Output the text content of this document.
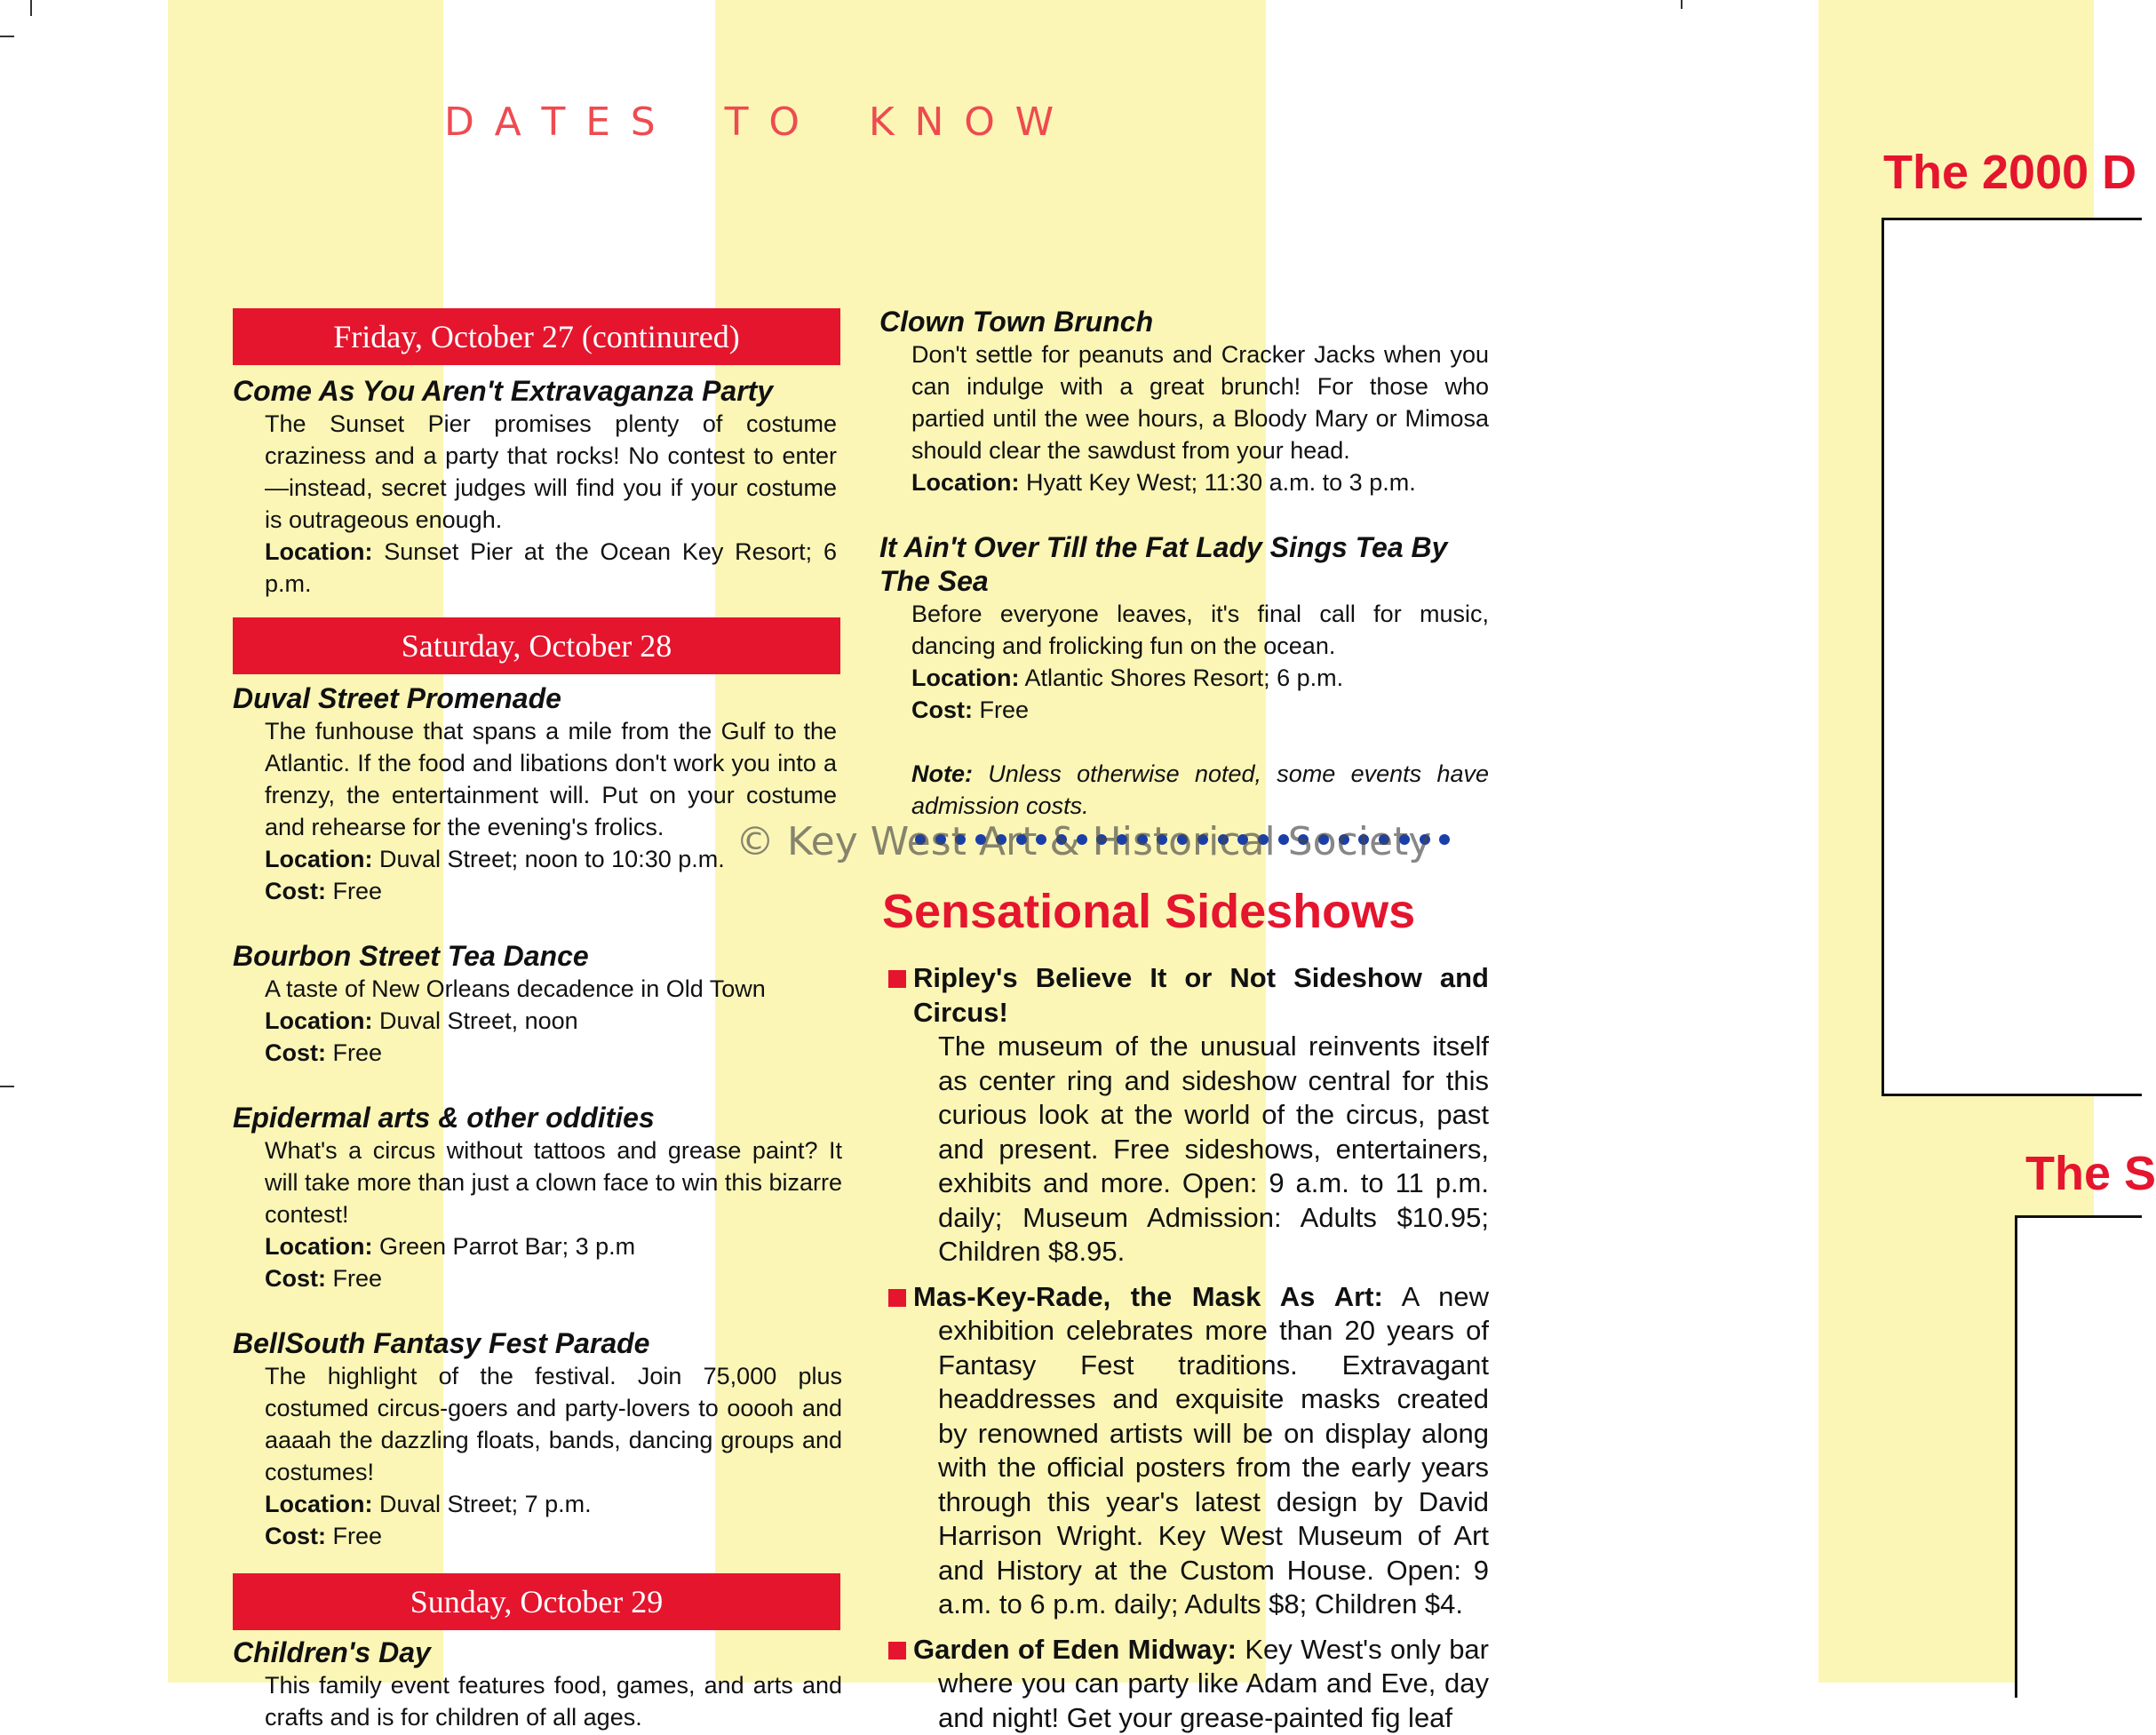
D A T E S    T O    K N O W
Friday, October 27 (continured)
Come As You Aren't Extravaganza Party

The Sunset Pier promises plenty of costume craziness and a party that rocks! No contest to enter—instead, secret judges will find you if your costume is outrageous enough.

Location: Sunset Pier at the Ocean Key Resort; 6 p.m.

Saturday, October 28
Duval Street Promenade

The funhouse that spans a mile from the Gulf to the Atlantic. If the food and libations don't work you into a frenzy, the entertainment will. Put on your costume and rehearse for the evening's frolics.

Location: Duval Street; noon to 10:30 p.m.

Cost: Free

Bourbon Street Tea Dance

A taste of New Orleans decadence in Old Town

Location: Duval Street, noon

Cost: Free

Epidermal arts & other oddities

What's a circus without tattoos and grease paint? It will take more than just a clown face to win this bizarre contest!

Location: Green Parrot Bar; 3 p.m

Cost: Free

BellSouth Fantasy Fest Parade

The highlight of the festival. Join 75,000 plus costumed circus-goers and party-lovers to ooooh and aaaah the dazzling floats, bands, dancing groups and costumes!

Location: Duval Street; 7 p.m.

Cost: Free

Sunday, October 29
Children's Day

This family event features food, games, and arts and crafts and is for children of all ages.

Clown Town Brunch

Don't settle for peanuts and Cracker Jacks when you can indulge with a great brunch! For those who partied until the wee hours, a Bloody Mary or Mimosa should clear the sawdust from your head.

Location: Hyatt Key West; 11:30 a.m. to 3 p.m.

It Ain't Over Till the Fat Lady Sings Tea By The Sea

Before everyone leaves, it's final call for music, dancing and frolicking fun on the ocean.

Location: Atlantic Shores Resort; 6 p.m.

Cost: Free

Note: Unless otherwise noted, some events have admission costs.

© Key West Art & Historical Society
Sensational Sideshows

Ripley's Believe It or Not Sideshow and Circus!

The museum of the unusual reinvents itself as center ring and sideshow central for this curious look at the world of the circus, past and present. Free sideshows, entertainers, exhibits and more. Open: 9 a.m. to 11 p.m. daily; Museum Admission: Adults $10.95; Children $8.95.

Mas-Key-Rade, the Mask As Art: A new exhibition celebrates more than 20 years of Fantasy Fest traditions. Extravagant headdresses and exquisite masks created by renowned artists will be on display along with the official posters from the early years through this year's latest design by David Harrison Wright. Key West Museum of Art and History at the Custom House. Open: 9 a.m. to 6 p.m. daily; Adults $8; Children $4.

Garden of Eden Midway: Key West's only bar where you can party like Adam and Eve, day and night! Get your grease-painted fig leaf

The 2000 D
The S
